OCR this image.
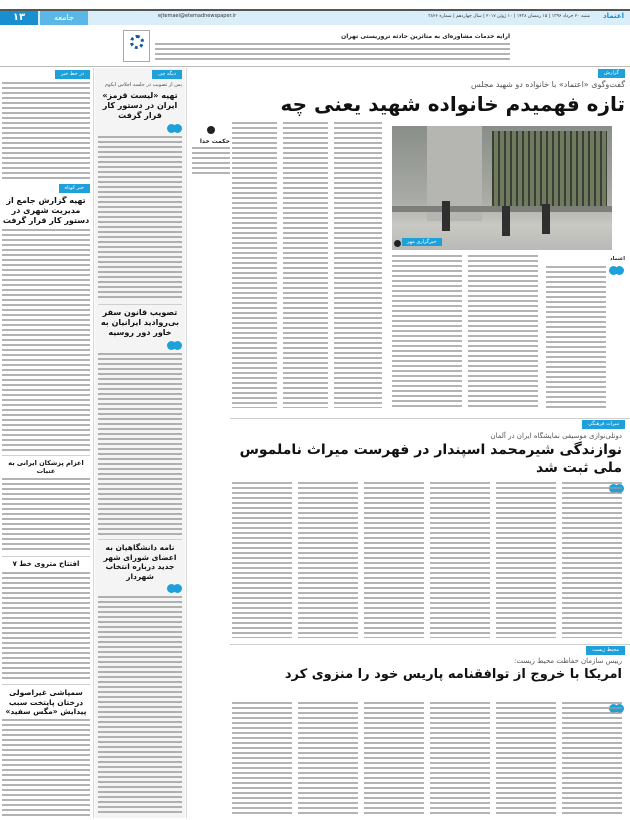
۱۳	جامعه	ejtemaei@etemadnewspaper.ir	شنبه ۲۰ خرداد ۱۳۹۶ | ۱۵ رمضان ۱۴۳۸ | ۱۰ ژوئن ۲۰۱۷ | سال چهاردهم | شماره ۳۸۲۶ اعتماد
ارایه خدمات مشاوره‌ای به متاثرین حادثه تروریستی تهران
گزارش
گفت‌وگوی «اعتماد» با خانواده دو شهید مجلس
تازه فهمیدم خانواده شهید یعنی چه
خبرگزاری مهر
اعتماد
حکمت خدا
میراث فرهنگی
دونلی‌نوازی موسیقی نمایشگاه ایران در آلمان
نوازندگی شیرمحمد اسپندار در فهرست میراث ناملموس ملی ثبت شد
محیط زیست
رییس سازمان حفاظت محیط زیست:
امریکا با خروج از توافقنامه پاریس خود را منزوی کرد
دیگه چی
پس از تصویب در جلسه اجلاس ایکوم
تهیه «لیست قرمز» ایران در دستور کار قرار گرفت
تصویب قانون سفر بی‌روادید ایرانیان به خاور دور روسیه
نامه دانشگاهیان به اعضای شورای شهر جدید درباره انتخاب شهردار
در خط خبر
خبر کوتاه
تهیه گزارش جامع از مدیریت شهری در دستور کار قرار گرفت
اعزام پزشکان ایرانی به عتبات
افتتاح متروی خط ۷
سمپاشی غیراصولی درختان پایتخت سبب پیدایش «مگس سفید»
